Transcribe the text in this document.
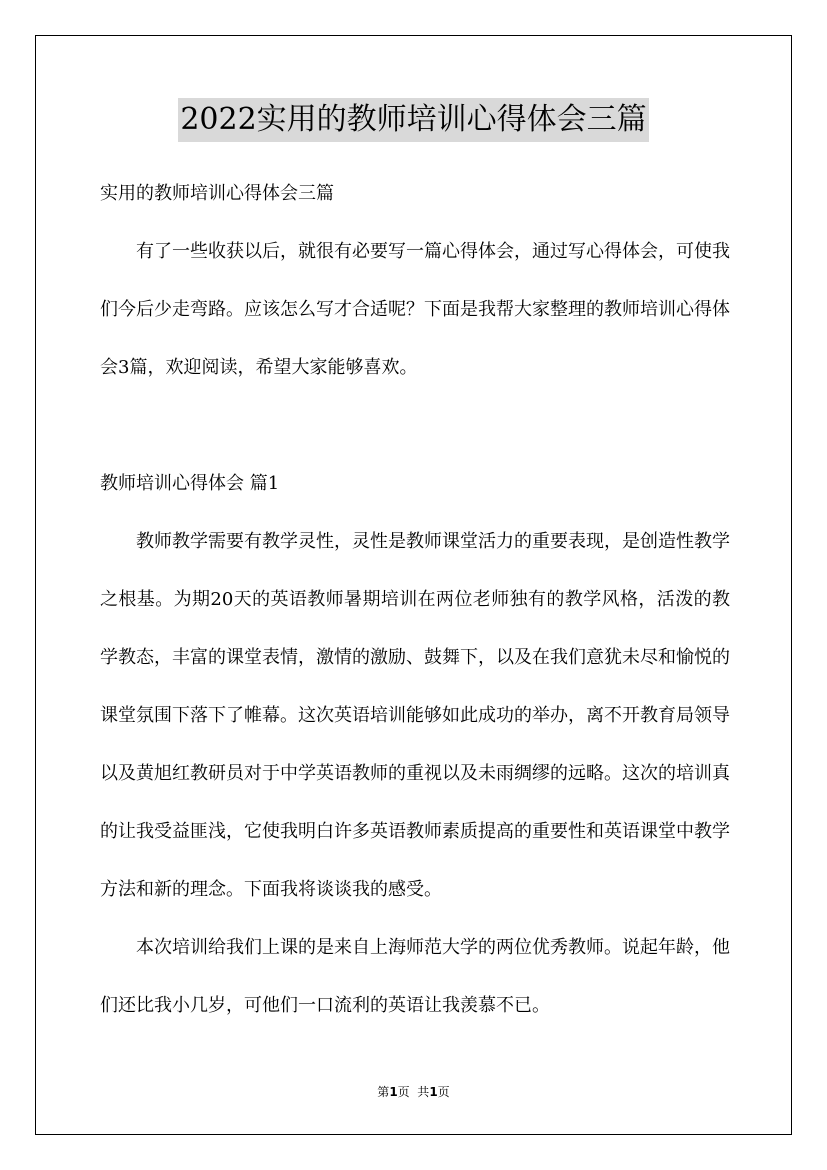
2022实用的教师培训心得体会三篇

实用的教师培训心得体会三篇

有了一些收获以后，就很有必要写一篇心得体会，通过写心得体会，可使我们今后少走弯路。应该怎么写才合适呢？下面是我帮大家整理的教师培训心得体会3篇，欢迎阅读，希望大家能够喜欢。

教师培训心得体会 篇1

教师教学需要有教学灵性，灵性是教师课堂活力的重要表现，是创造性教学之根基。为期20天的英语教师暑期培训在两位老师独有的教学风格，活泼的教学教态，丰富的课堂表情，激情的激励、鼓舞下，以及在我们意犹未尽和愉悦的课堂氛围下落下了帷幕。这次英语培训能够如此成功的举办，离不开教育局领导以及黄旭红教研员对于中学英语教师的重视以及未雨绸缪的远略。这次的培训真的让我受益匪浅，它使我明白许多英语教师素质提高的重要性和英语课堂中教学方法和新的理念。下面我将谈谈我的感受。

本次培训给我们上课的是来自上海师范大学的两位优秀教师。说起年龄，他们还比我小几岁，可他们一口流利的英语让我羡慕不已。

第1页  共1页
